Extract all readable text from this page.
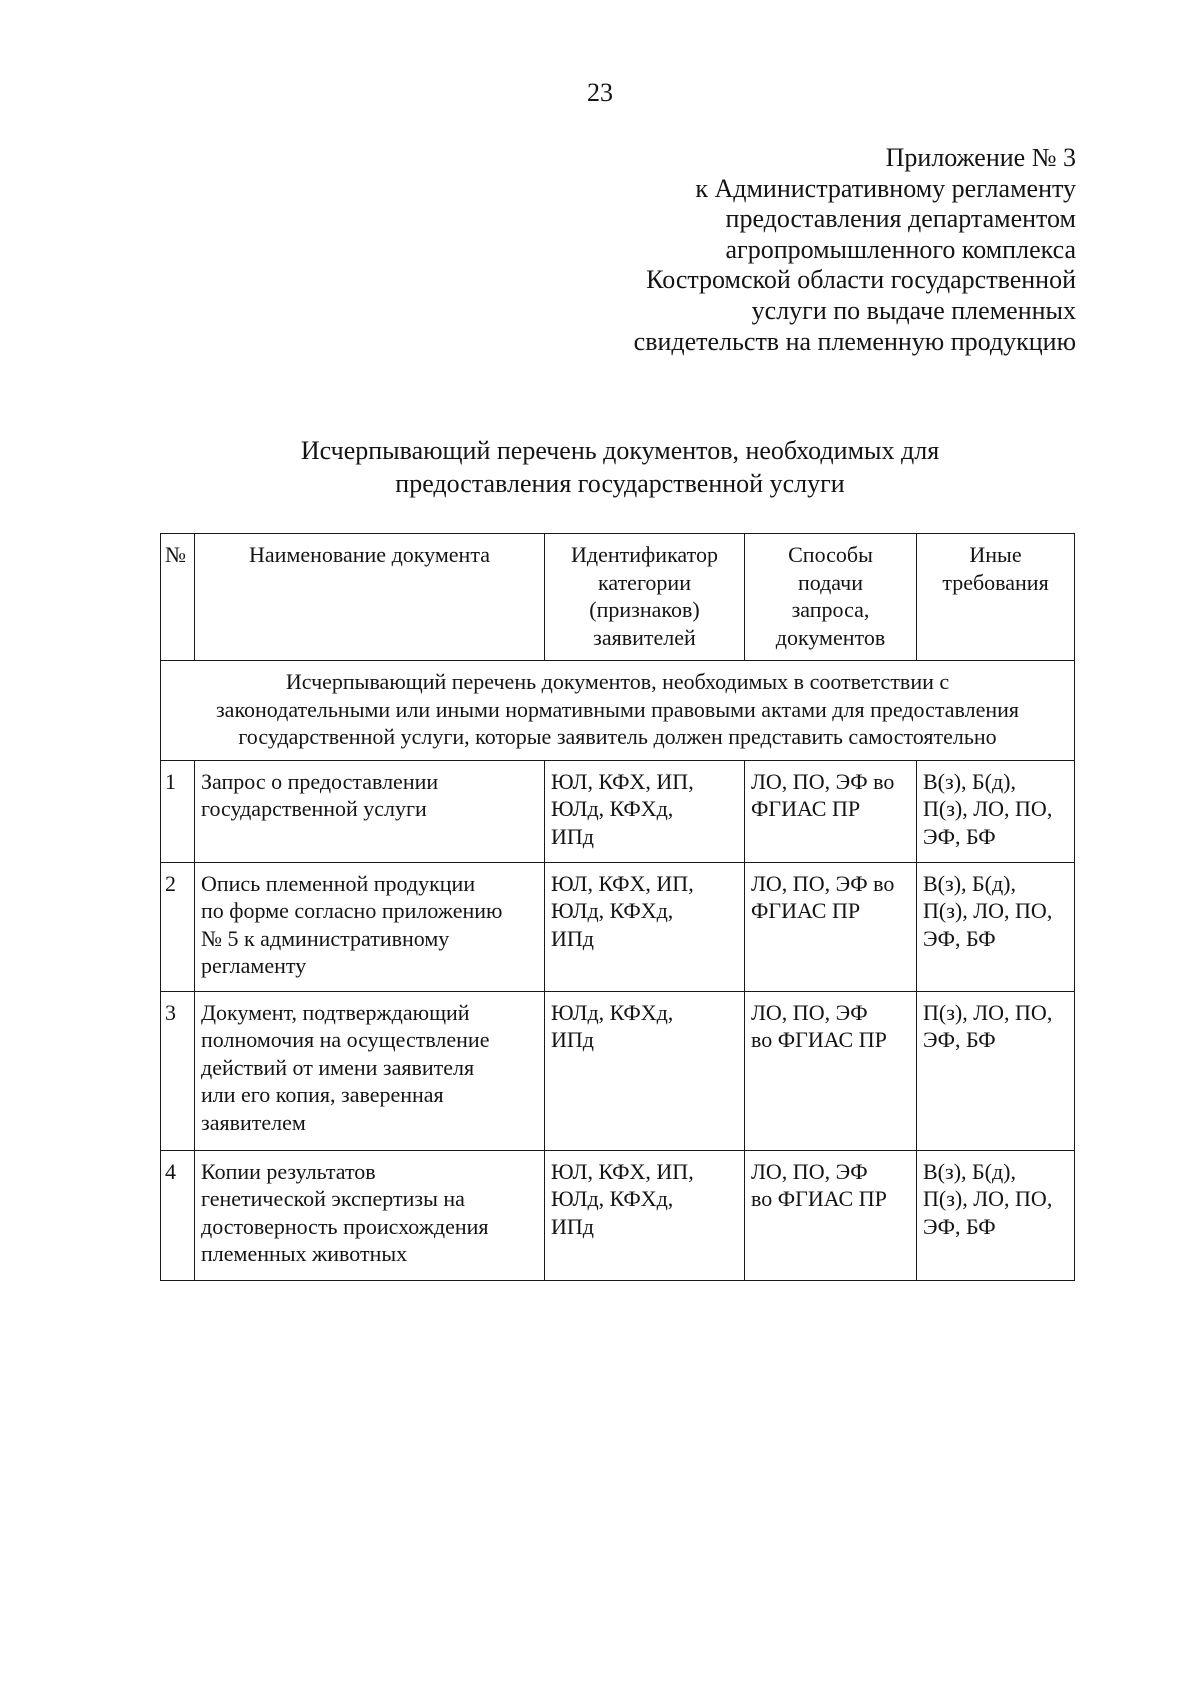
23
Приложение № 3
к Административному регламенту
предоставления департаментом
агропромышленного комплекса
Костромской области государственной
услуги по выдаче племенных
свидетельств на племенную продукцию
Исчерпывающий перечень документов, необходимых для
предоставления государственной услуги
№	Наименование документа	Идентификатор
категории
(признаков)
заявителей	Способы
подачи
запроса,
документов	Иные
требования

Исчерпывающий перечень документов, необходимых в соответствии с
законодательными или иными нормативными правовыми актами для предоставления
государственной услуги, которые заявитель должен представить самостоятельно				

1	Запрос о предоставлении
государственной услуги	ЮЛ, КФХ, ИП,
ЮЛд, КФХд,
ИПд	ЛО, ПО, ЭФ во
ФГИАС ПР	В(з), Б(д),
П(з), ЛО, ПО,
ЭФ, БФ

2	Опись племенной продукции
по форме согласно приложению
№ 5 к административному
регламенту	ЮЛ, КФХ, ИП,
ЮЛд, КФХд,
ИПд	ЛО, ПО, ЭФ во
ФГИАС ПР	В(з), Б(д),
П(з), ЛО, ПО,
ЭФ, БФ

3	Документ, подтверждающий
полномочия на осуществление
действий от имени заявителя
или его копия, заверенная
заявителем	ЮЛд, КФХд,
ИПд	ЛО, ПО, ЭФ
во ФГИАС ПР	П(з), ЛО, ПО,
ЭФ, БФ

4	Копии результатов
генетической экспертизы на
достоверность происхождения
племенных животных	ЮЛ, КФХ, ИП,
ЮЛд, КФХд,
ИПд	ЛО, ПО, ЭФ
во ФГИАС ПР	В(з), Б(д),
П(з), ЛО, ПО,
ЭФ, БФ
